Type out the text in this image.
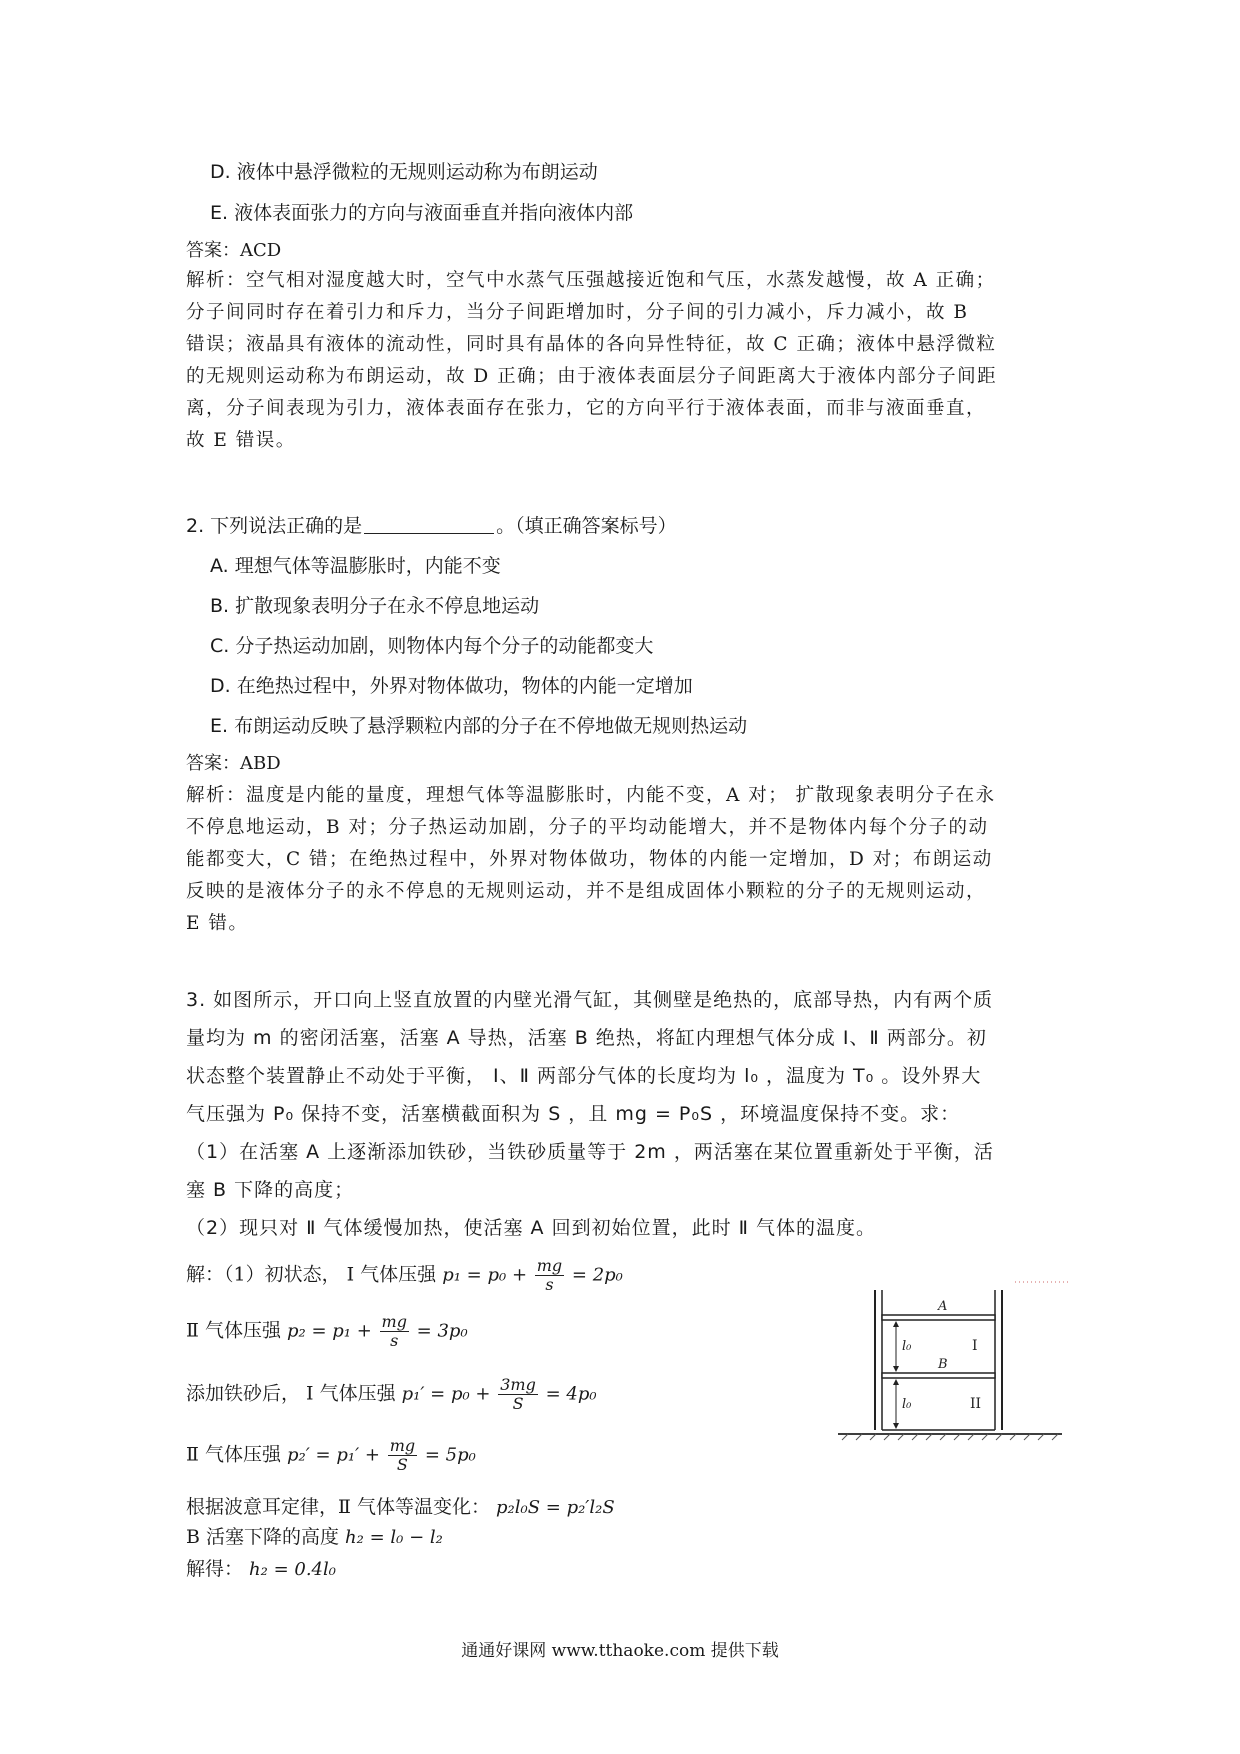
D. 液体中悬浮微粒的无规则运动称为布朗运动
E. 液体表面张力的方向与液面垂直并指向液体内部
答案：ACD
解析：空气相对湿度越大时，空气中水蒸气压强越接近饱和气压，水蒸发越慢，故 A 正确；
分子间同时存在着引力和斥力，当分子间距增加时，分子间的引力减小，斥力减小，故 B
错误；液晶具有液体的流动性，同时具有晶体的各向异性特征，故 C 正确；液体中悬浮微粒
的无规则运动称为布朗运动，故 D 正确；由于液体表面层分子间距离大于液体内部分子间距
离，分子间表现为引力，液体表面存在张力，它的方向平行于液体表面，而非与液面垂直，
故 E 错误。
2. 下列说法正确的是	。（填正确答案标号）
A. 理想气体等温膨胀时，内能不变
B. 扩散现象表明分子在永不停息地运动
C. 分子热运动加剧，则物体内每个分子的动能都变大
D. 在绝热过程中，外界对物体做功，物体的内能一定增加
E. 布朗运动反映了悬浮颗粒内部的分子在不停地做无规则热运动
答案：ABD
解析：温度是内能的量度，理想气体等温膨胀时，内能不变，A 对； 扩散现象表明分子在永
不停息地运动，B 对；分子热运动加剧，分子的平均动能增大，并不是物体内每个分子的动
能都变大，C 错；在绝热过程中，外界对物体做功，物体的内能一定增加，D 对；布朗运动
反映的是液体分子的永不停息的无规则运动，并不是组成固体小颗粒的分子的无规则运动，
E 错。
3. 如图所示，开口向上竖直放置的内壁光滑气缸，其侧壁是绝热的，底部导热，内有两个质
量均为 m 的密闭活塞，活塞 A 导热，活塞 B 绝热，将缸内理想气体分成 Ⅰ、Ⅱ 两部分。初
状态整个装置静止不动处于平衡， Ⅰ、Ⅱ 两部分气体的长度均为 l₀ ，温度为 T₀ 。设外界大
气压强为 P₀ 保持不变，活塞横截面积为 S ，且 mg = P₀S ，环境温度保持不变。求：
（1）在活塞 A 上逐渐添加铁砂，当铁砂质量等于 2m ，两活塞在某位置重新处于平衡，活
塞 B 下降的高度；
（2）现只对 Ⅱ 气体缓慢加热，使活塞 A 回到初始位置，此时 Ⅱ 气体的温度。
解：（1）初状态， Ⅰ 气体压强 $p_1 = p_0 + \frac{mg}{s} = 2p_0$
Ⅱ 气体压强 $p_2 = p_1 + \frac{mg}{s} = 3p_0$
添加铁砂后， Ⅰ 气体压强 $p_1' = p_0 + \frac{3mg}{S} = 4p_0$
Ⅱ 气体压强 $p_2' = p_1' + \frac{mg}{S} = 5p_0$
根据波意耳定律，Ⅱ 气体等温变化： p₂l₀S = p₂′l₂S
B 活塞下降的高度 h₂ = l₀ − l₂
解得： h₂ = 0.4l₀
A
B
l₀
l₀
I
II
通通好课网 www.tthaoke.com 提供下载
